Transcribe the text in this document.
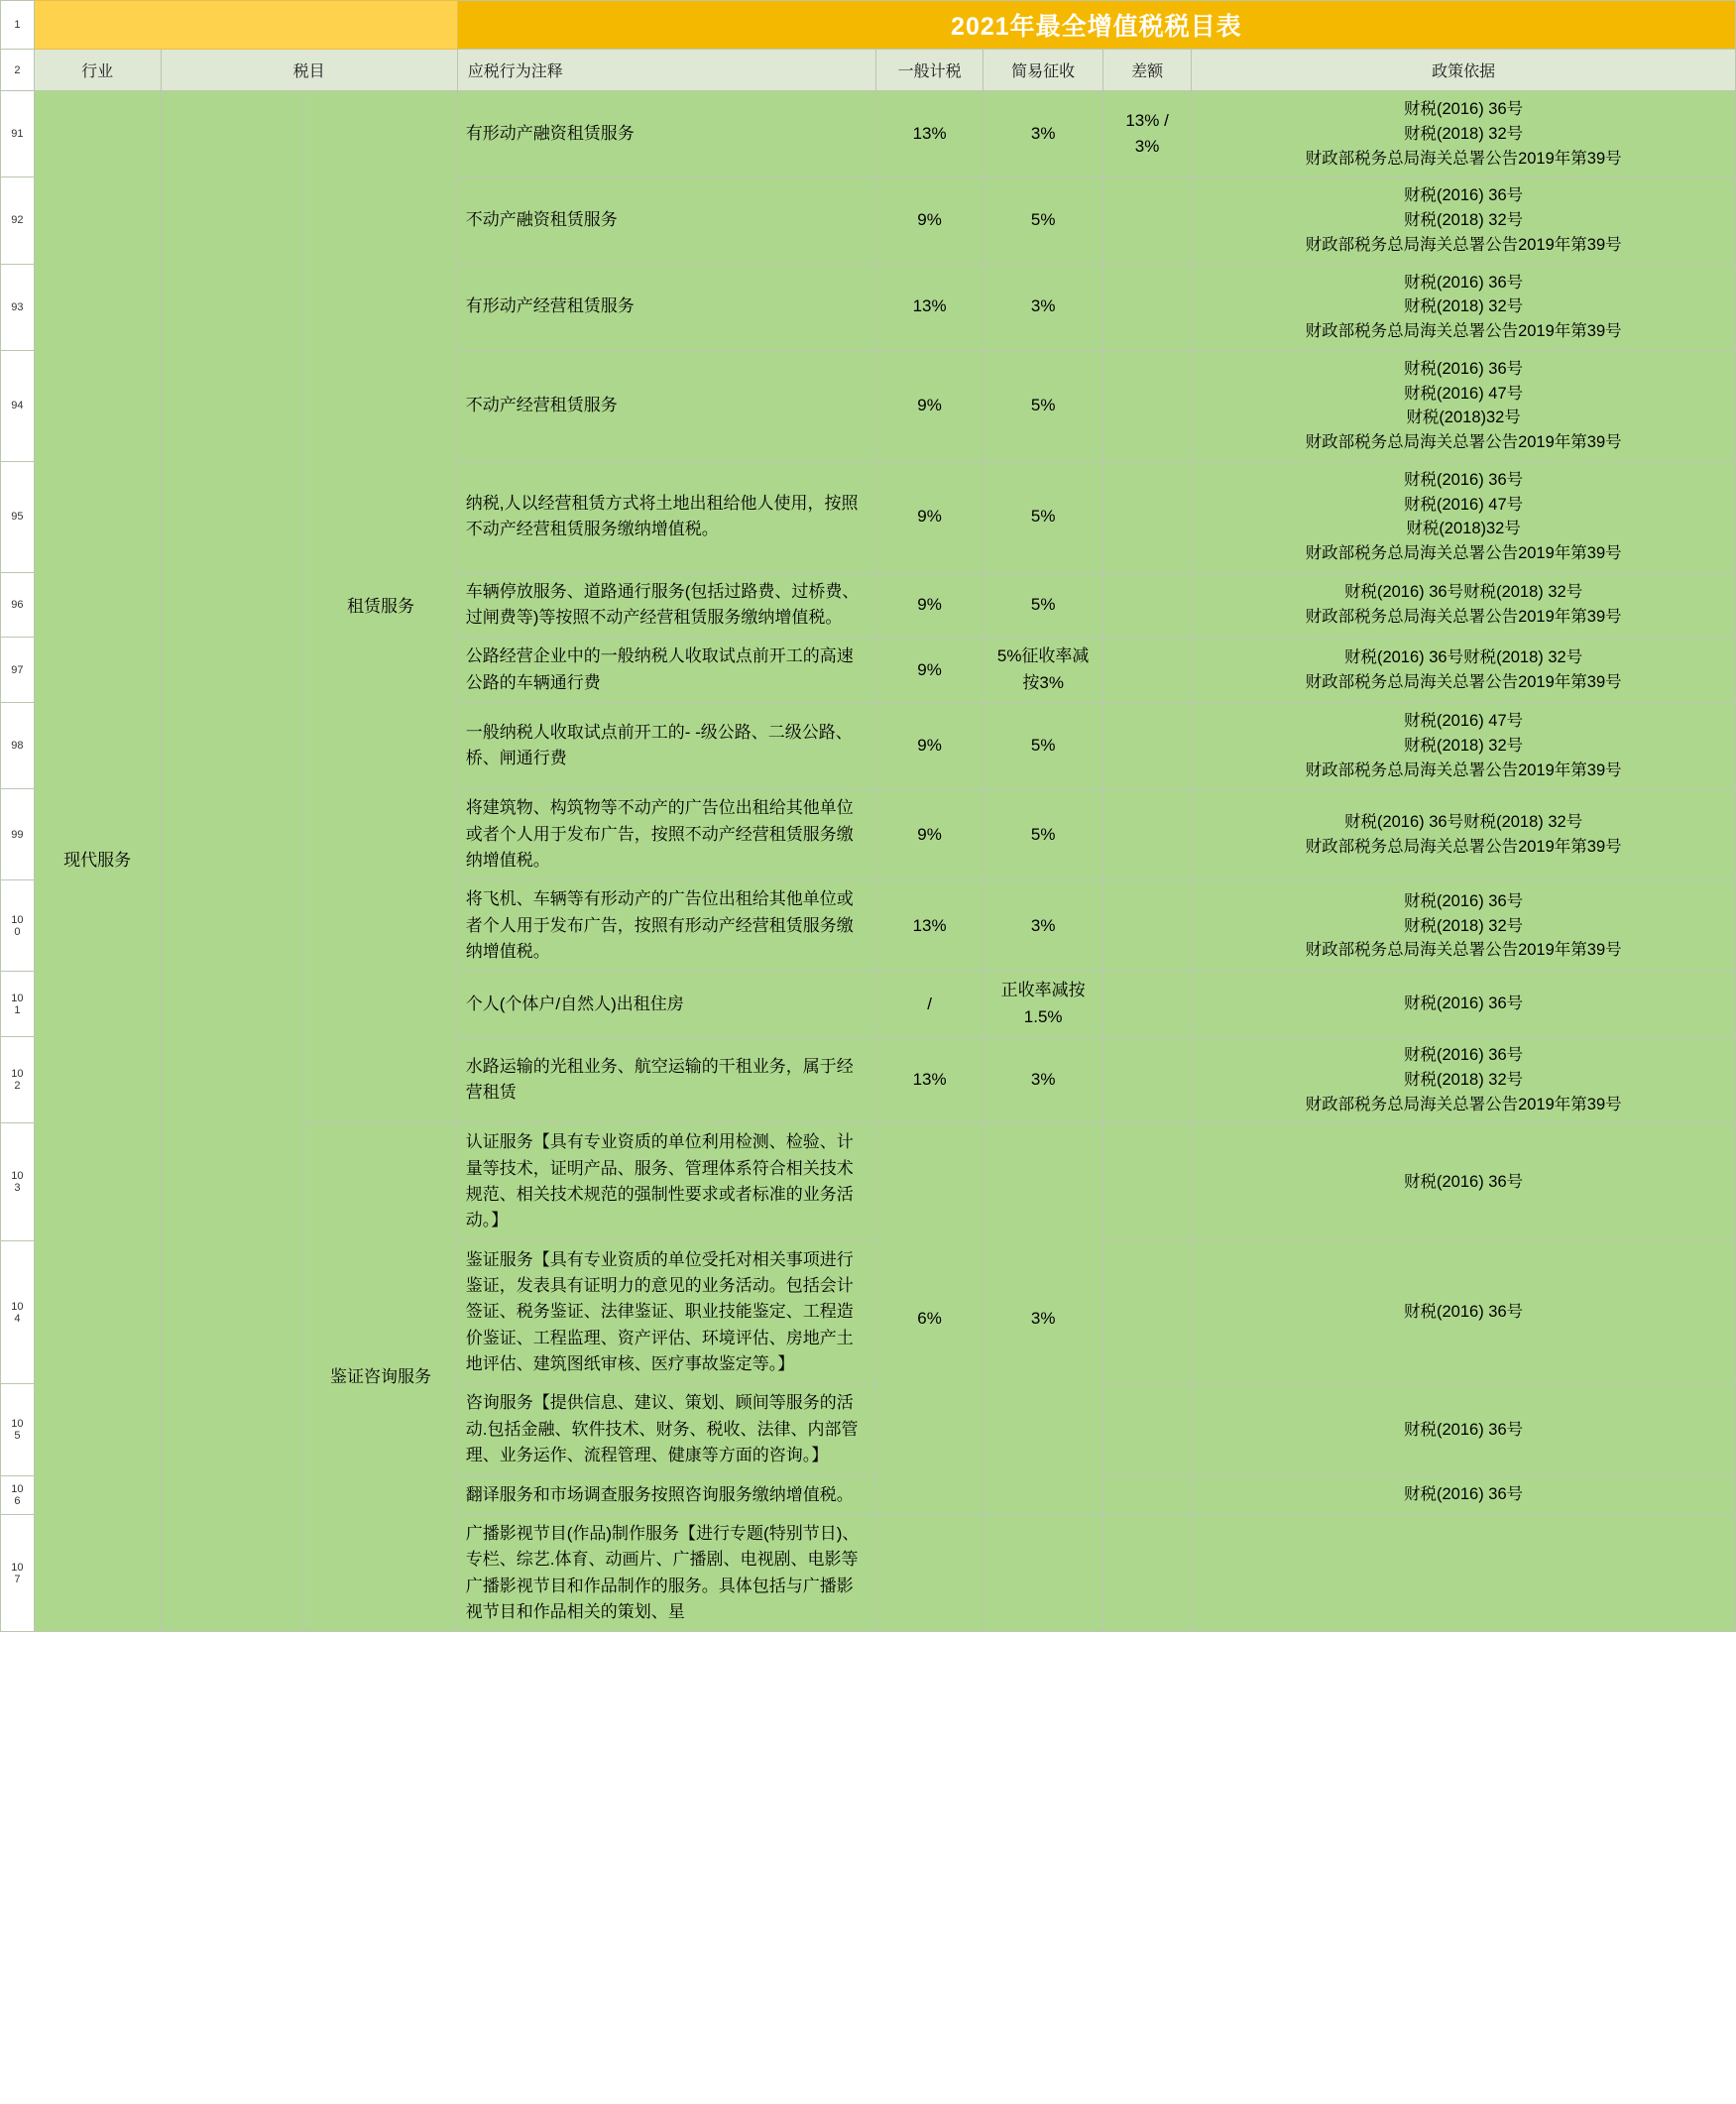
1				2021年最全增值税税目表				
2	行业	税目		应税行为注释	一般计税	简易征收	差额	政策依据
91	现代服务		租赁服务	有形动产融资租赁服务	13%	3%	13% / 3%	财税(2016) 36号
财税(2018) 32号
财政部税务总局海关总署公告2019年第39号

92				不动产融资租赁服务	9%	5%		财税(2016) 36号
财税(2018) 32号
财政部税务总局海关总署公告2019年第39号

93				有形动产经营租赁服务	13%	3%		财税(2016) 36号
财税(2018) 32号
财政部税务总局海关总署公告2019年第39号

94				不动产经营租赁服务	9%	5%		财税(2016) 36号
财税(2016) 47号
财税(2018)32号
财政部税务总局海关总署公告2019年第39号

95				纳税,人以经营租赁方式将土地出租给他人使用，按照不动产经营租赁服务缴纳增值税。	9%	5%		财税(2016) 36号
财税(2016) 47号
财税(2018)32号
财政部税务总局海关总署公告2019年第39号

96				车辆停放服务、道路通行服务(包括过路费、过桥费、过闸费等)等按照不动产经营租赁服务缴纳增值税。	9%	5%		财税(2016) 36号财税(2018) 32号
财政部税务总局海关总署公告2019年第39号

97				公路经营企业中的一般纳税人收取试点前开工的高速公路的车辆通行费	9%	5%征收率减按3%		财税(2016) 36号财税(2018) 32号
财政部税务总局海关总署公告2019年第39号

98				一般纳税人收取试点前开工的- -级公路、二级公路、桥、闸通行费	9%	5%		财税(2016) 47号
财税(2018) 32号
财政部税务总局海关总署公告2019年第39号

99				将建筑物、构筑物等不动产的广告位出租给其他单位或者个人用于发布广告，按照不动产经营租赁服务缴纳增值税。	9%	5%		财税(2016) 36号财税(2018) 32号
财政部税务总局海关总署公告2019年第39号

100				将飞机、车辆等有形动产的广告位出租给其他单位或者个人用于发布广告，按照有形动产经营租赁服务缴纳增值税。	13%	3%		财税(2016) 36号
财税(2018) 32号
财政部税务总局海关总署公告2019年第39号

101				个人(个体户/自然人)出租住房	/	正收率减按1.5%		财税(2016) 36号

102				水路运输的光租业务、航空运输的干租业务，属于经营租赁	13%	3%		财税(2016) 36号
财税(2018) 32号
财政部税务总局海关总署公告2019年第39号

103			鉴证咨询服务	认证服务【具有专业资质的单位利用检测、检验、计量等技术，证明产品、服务、管理体系符合相关技术规范、相关技术规范的强制性要求或者标准的业务活动。】	6%	3%		财税(2016) 36号

104				鉴证服务【具有专业资质的单位受托对相关事项进行鉴证，发表具有证明力的意见的业务活动。包括会计签证、税务鉴证、法律鉴证、职业技能鉴定、工程造价鉴证、工程监理、资产评估、环境评估、房地产土地评估、建筑图纸审核、医疗事故鉴定等。】				财税(2016) 36号

105				咨询服务【提供信息、建议、策划、顾间等服务的活动.包括金融、软件技术、财务、税收、法律、内部管理、业务运作、流程管理、健康等方面的咨询。】				财税(2016) 36号

106				翻译服务和市场调查服务按照咨询服务缴纳增值税。				财税(2016) 36号

107				广播影视节目(作品)制作服务【进行专题(特别节日)、专栏、综艺.体育、动画片、广播剧、电视剧、电影等广播影视节目和作品制作的服务。具体包括与广播影视节目和作品相关的策划、星				
